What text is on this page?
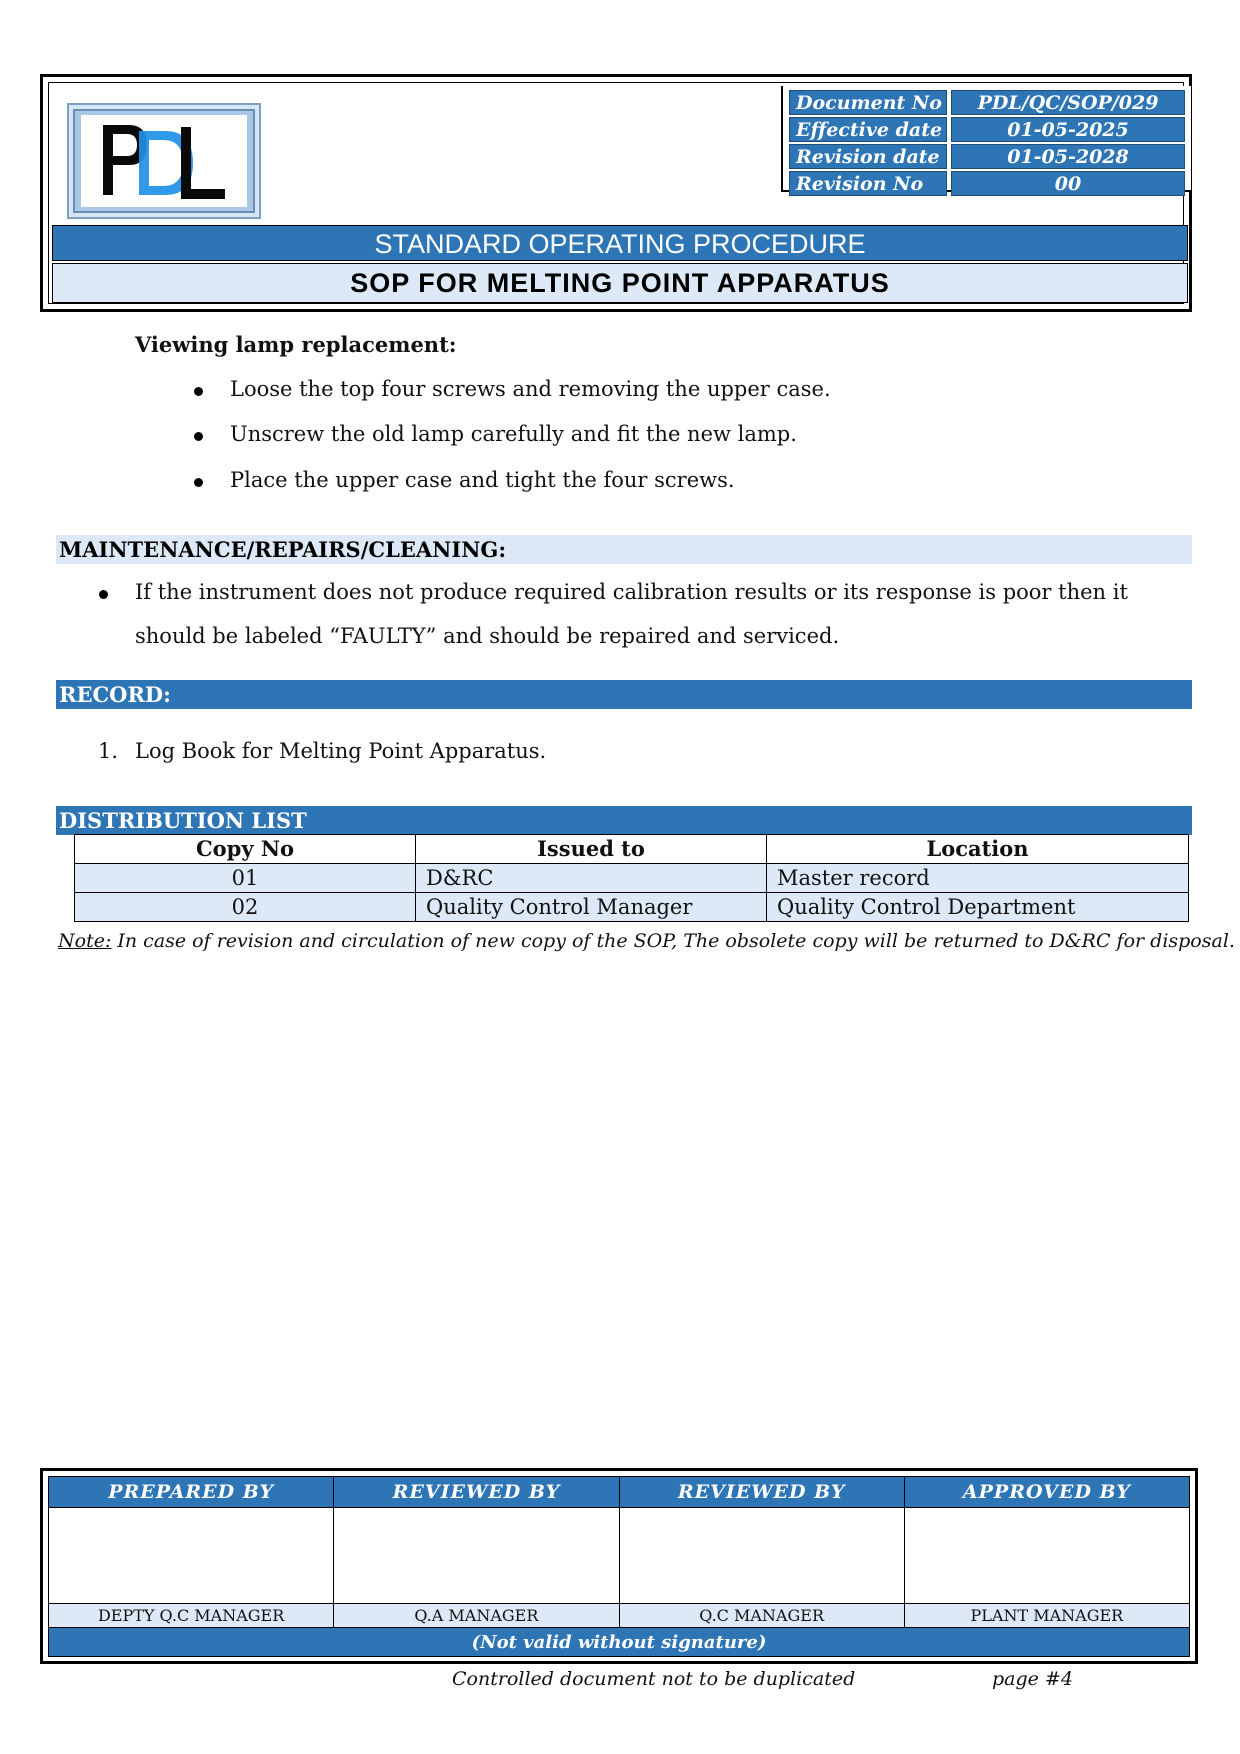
Document No	PDL/QC/SOP/029
Effective date	01-05-2025
Revision date	01-05-2028
Revision No	00
STANDARD OPERATING PROCEDURE
SOP FOR MELTING POINT APPARATUS
Viewing lamp replacement:
Loose the top four screws and removing the upper case.
Unscrew the old lamp carefully and fit the new lamp.
Place the upper case and tight the four screws.
MAINTENANCE/REPAIRS/CLEANING:
If the instrument does not produce required calibration results or its response is poor then it
should be labeled “FAULTY” and should be repaired and serviced.
RECORD:
1. Log Book for Melting Point Apparatus.
DISTRIBUTION LIST
Copy No	Issued to	Location
01	D&RC	Master record
02	Quality Control Manager	Quality Control Department
Note: In case of revision and circulation of new copy of the SOP, The obsolete copy will be returned to D&RC for disposal.
PREPARED BY	REVIEWED BY	REVIEWED BY	APPROVED BY

DEPTY Q.C MANAGER	Q.A MANAGER	Q.C MANAGER	PLANT MANAGER
(Not valid without signature)			
Controlled document not to be duplicated	page #4
